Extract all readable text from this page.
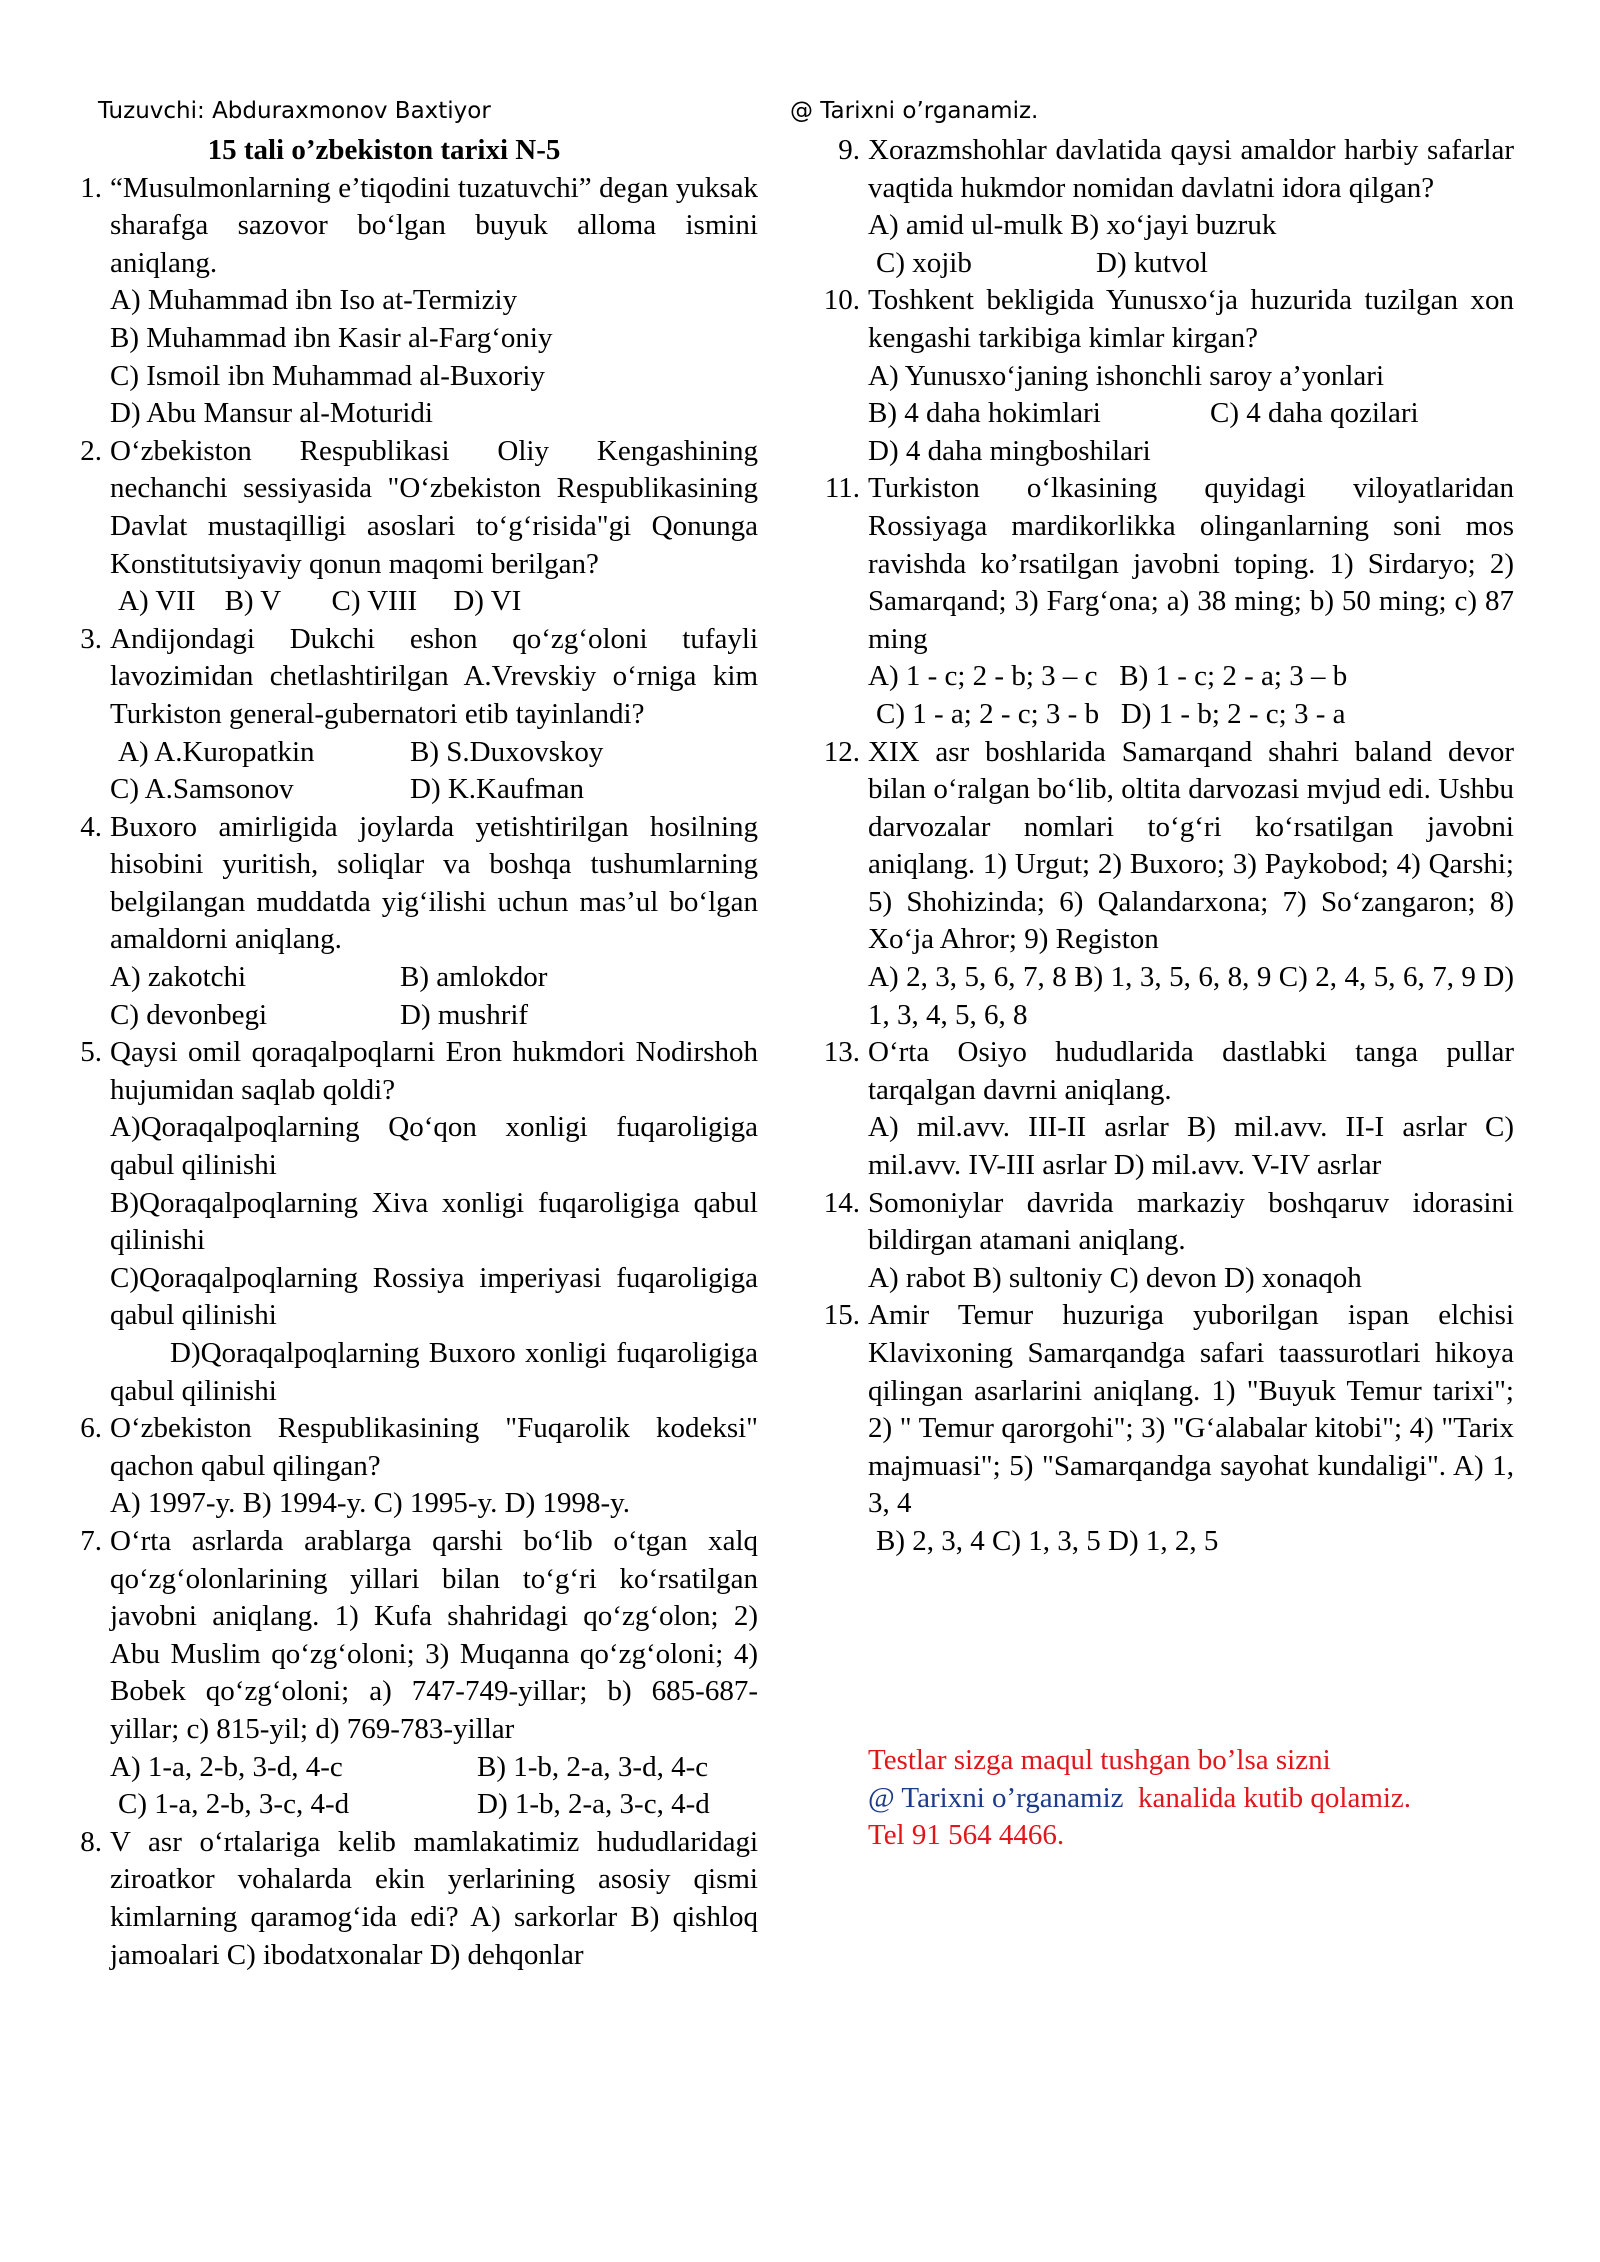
Tuzuvchi: Abduraxmonov Baxtiyor	@ Tarixni o’rganamiz.
15 tali o’zbekiston tarixi N-5
1. “Musulmonlarning e’tiqodini tuzatuvchi” degan yuksak sharafga sazovor bo‘lgan buyuk alloma ismini aniqlang.
A) Muhammad ibn Iso at-Termiziy
B) Muhammad ibn Kasir al-Farg‘oniy
C) Ismoil ibn Muhammad al-Buxoriy
D) Abu Mansur al-Moturidi
2. O‘zbekiston Respublikasi Oliy Kengashining nechanchi sessiyasida "O‘zbekiston Respublikasining Davlat mustaqilligi asoslari to‘g‘risida"gi Qonunga Konstitutsiyaviy qonun maqomi berilgan?
A) VII    B) V       C) VIII     D) VI
3. Andijondagi Dukchi eshon qo‘zg‘oloni tufayli lavozimidan chetlashtirilgan A.Vrevskiy o‘rniga kim Turkiston general-gubernatori etib tayinlandi?
A) A.Kuropatkin	B) S.Duxovskoy
C) A.Samsonov	D) K.Kaufman
4. Buxoro amirligida joylarda yetishtirilgan hosilning hisobini yuritish, soliqlar va boshqa tushumlarning belgilangan muddatda yig‘ilishi uchun mas’ul bo‘lgan amaldorni aniqlang.
A) zakotchi	B) amlokdor
C) devonbegi	D) mushrif
5. Qaysi omil qoraqalpoqlarni Eron hukmdori Nodirshoh hujumidan saqlab qoldi?
A)Qoraqalpoqlarning Qo‘qon xonligi fuqaroligiga qabul qilinishi
B)Qoraqalpoqlarning Xiva xonligi fuqaroligiga qabul qilinishi
C)Qoraqalpoqlarning Rossiya imperiyasi fuqaroligiga qabul qilinishi
D)Qoraqalpoqlarning Buxoro xonligi fuqaroligiga qabul qilinishi
6. O‘zbekiston Respublikasining "Fuqarolik kodeksi" qachon qabul qilingan?
A) 1997-y. B) 1994-y. C) 1995-y. D) 1998-y.
7. O‘rta asrlarda arablarga qarshi bo‘lib o‘tgan xalq qo‘zg‘olonlarining yillari bilan to‘g‘ri ko‘rsatilgan javobni aniqlang. 1) Kufa shahridagi qo‘zg‘olon; 2) Abu Muslim qo‘zg‘oloni; 3) Muqanna qo‘zg‘oloni; 4) Bobek qo‘zg‘oloni; a) 747-749-yillar; b) 685-687-yillar; c) 815-yil; d) 769-783-yillar
A) 1-a, 2-b, 3-d, 4-c	B) 1-b, 2-a, 3-d, 4-c
C) 1-a, 2-b, 3-c, 4-d	D) 1-b, 2-a, 3-c, 4-d
8. V asr o‘rtalariga kelib mamlakatimiz hududlaridagi ziroatkor vohalarda ekin yerlarining asosiy qismi kimlarning qaramog‘ida edi? A) sarkorlar B) qishloq jamoalari C) ibodatxonalar D) dehqonlar
9. Xorazmshohlar davlatida qaysi amaldor harbiy safarlar vaqtida hukmdor nomidan davlatni idora qilgan?
A) amid ul-mulk B) xo‘jayi buzruk
C) xojib	D) kutvol
10. Toshkent bekligida Yunusxo‘ja huzurida tuzilgan xon kengashi tarkibiga kimlar kirgan?
A) Yunusxo‘janing ishonchli saroy a’yonlari
B) 4 daha hokimlari	C) 4 daha qozilari
D) 4 daha mingboshilari
11. Turkiston o‘lkasining quyidagi viloyatlaridan Rossiyaga mardikorlikka olinganlarning soni mos ravishda ko’rsatilgan javobni toping. 1) Sirdaryo; 2) Samarqand; 3) Farg‘ona; a) 38 ming; b) 50 ming; c) 87 ming
A) 1 - c; 2 - b; 3 – c   B) 1 - c; 2 - a; 3 – b
C) 1 - a; 2 - c; 3 - b   D) 1 - b; 2 - c; 3 - a
12. XIX asr boshlarida Samarqand shahri baland devor bilan o‘ralgan bo‘lib, oltita darvozasi mvjud edi. Ushbu darvozalar nomlari to‘g‘ri ko‘rsatilgan javobni aniqlang. 1) Urgut; 2) Buxoro; 3) Paykobod; 4) Qarshi; 5) Shohizinda; 6) Qalandarxona; 7) So‘zangaron; 8) Xo‘ja Ahror; 9) Registon
A) 2, 3, 5, 6, 7, 8 B) 1, 3, 5, 6, 8, 9 C) 2, 4, 5, 6, 7, 9 D) 1, 3, 4, 5, 6, 8
13. O‘rta Osiyo hududlarida dastlabki tanga pullar tarqalgan davrni aniqlang.
A) mil.avv. III-II asrlar B) mil.avv. II-I asrlar C) mil.avv. IV-III asrlar D) mil.avv. V-IV asrlar
14. Somoniylar davrida markaziy boshqaruv idorasini bildirgan atamani aniqlang.
A) rabot B) sultoniy C) devon D) xonaqoh
15. Amir Temur huzuriga yuborilgan ispan elchisi Klavixoning Samarqandga safari taassurotlari hikoya qilingan asarlarini aniqlang. 1) "Buyuk Temur tarixi"; 2) " Temur qarorgohi"; 3) "G‘alabalar kitobi"; 4) "Tarix majmuasi"; 5) "Samarqandga sayohat kundaligi". A) 1, 3, 4
B) 2, 3, 4 C) 1, 3, 5 D) 1, 2, 5
Testlar sizga maqul tushgan bo’lsa sizni
@ Tarixni o’rganamiz  kanalida kutib qolamiz.
Tel 91 564 4466.
